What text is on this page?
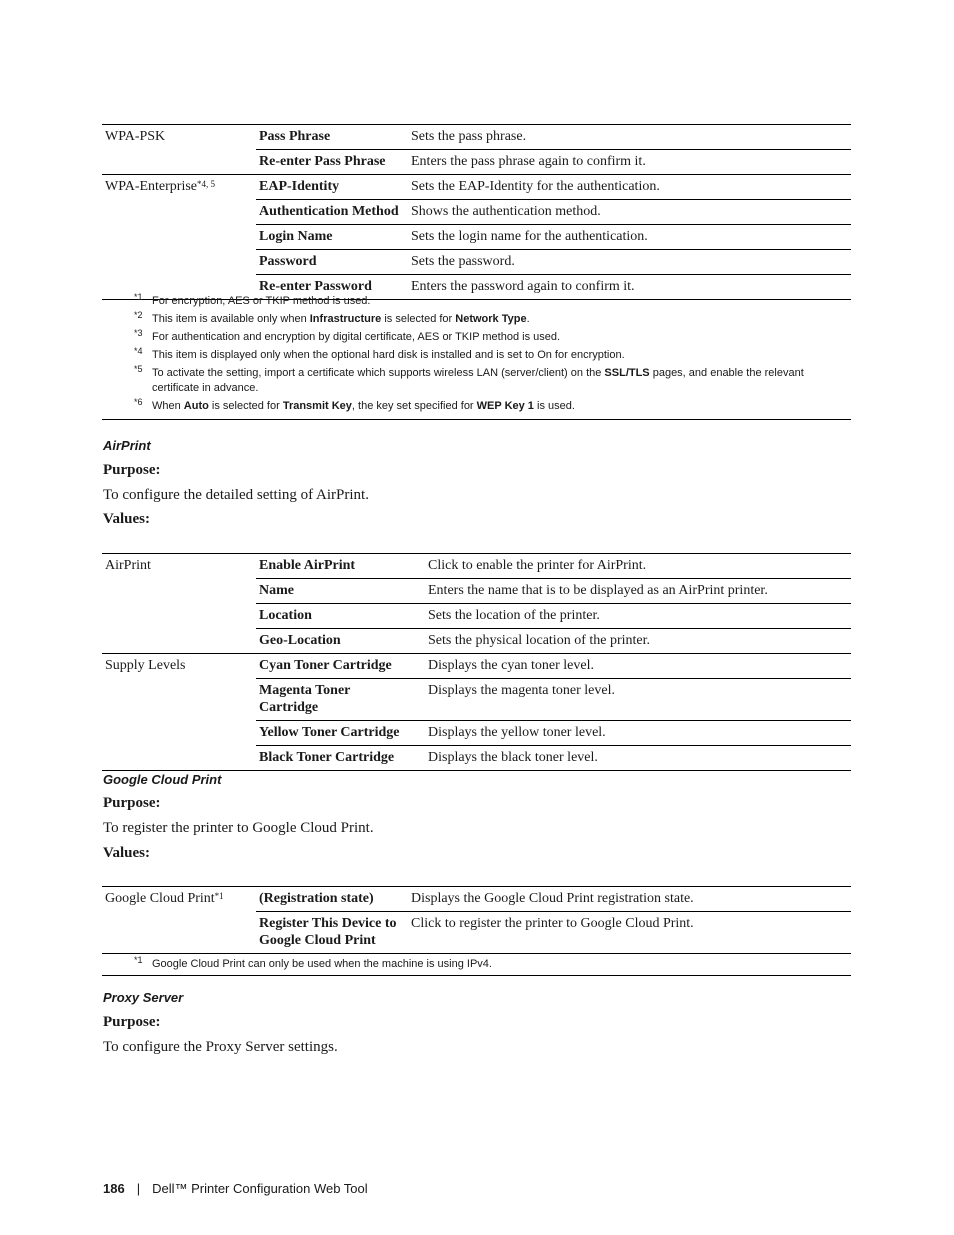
WPA-PSK	Pass Phrase	Sets the pass phrase.
	Re-enter Pass Phrase	Enters the pass phrase again to confirm it.
WPA-Enterprise$^{*4, 5}$	EAP-Identity	Sets the EAP-Identity for the authentication.
	Authentication Method	Shows the authentication method.
	Login Name	Sets the login name for the authentication.
	Password	Sets the password.
	Re-enter Password	Enters the password again to confirm it.
*1 For encryption, AES or TKIP method is used.
*2 This item is available only when Infrastructure is selected for Network Type.
*3 For authentication and encryption by digital certificate, AES or TKIP method is used.
*4 This item is displayed only when the optional hard disk is installed and is set to On for encryption.
*5 To activate the setting, import a certificate which supports wireless LAN (server/client) on the SSL/TLS pages, and enable the relevant certificate in advance.
*6 When Auto is selected for Transmit Key, the key set specified for WEP Key 1 is used.
AirPrint
Purpose:
To configure the detailed setting of AirPrint.
Values:
AirPrint	Enable AirPrint	Click to enable the printer for AirPrint.
	Name	Enters the name that is to be displayed as an AirPrint printer.
	Location	Sets the location of the printer.
	Geo-Location	Sets the physical location of the printer.
Supply Levels	Cyan Toner Cartridge	Displays the cyan toner level.
	Magenta Toner Cartridge	Displays the magenta toner level.
	Yellow Toner Cartridge	Displays the yellow toner level.
	Black Toner Cartridge	Displays the black toner level.
Google Cloud Print
Purpose:
To register the printer to Google Cloud Print.
Values:
Google Cloud Print$^{*1}$	(Registration state)	Displays the Google Cloud Print registration state.
	Register This Device to Google Cloud Print	Click to register the printer to Google Cloud Print.
*1 Google Cloud Print can only be used when the machine is using IPv4.
Proxy Server
Purpose:
To configure the Proxy Server settings.
186 | Dell™ Printer Configuration Web Tool
